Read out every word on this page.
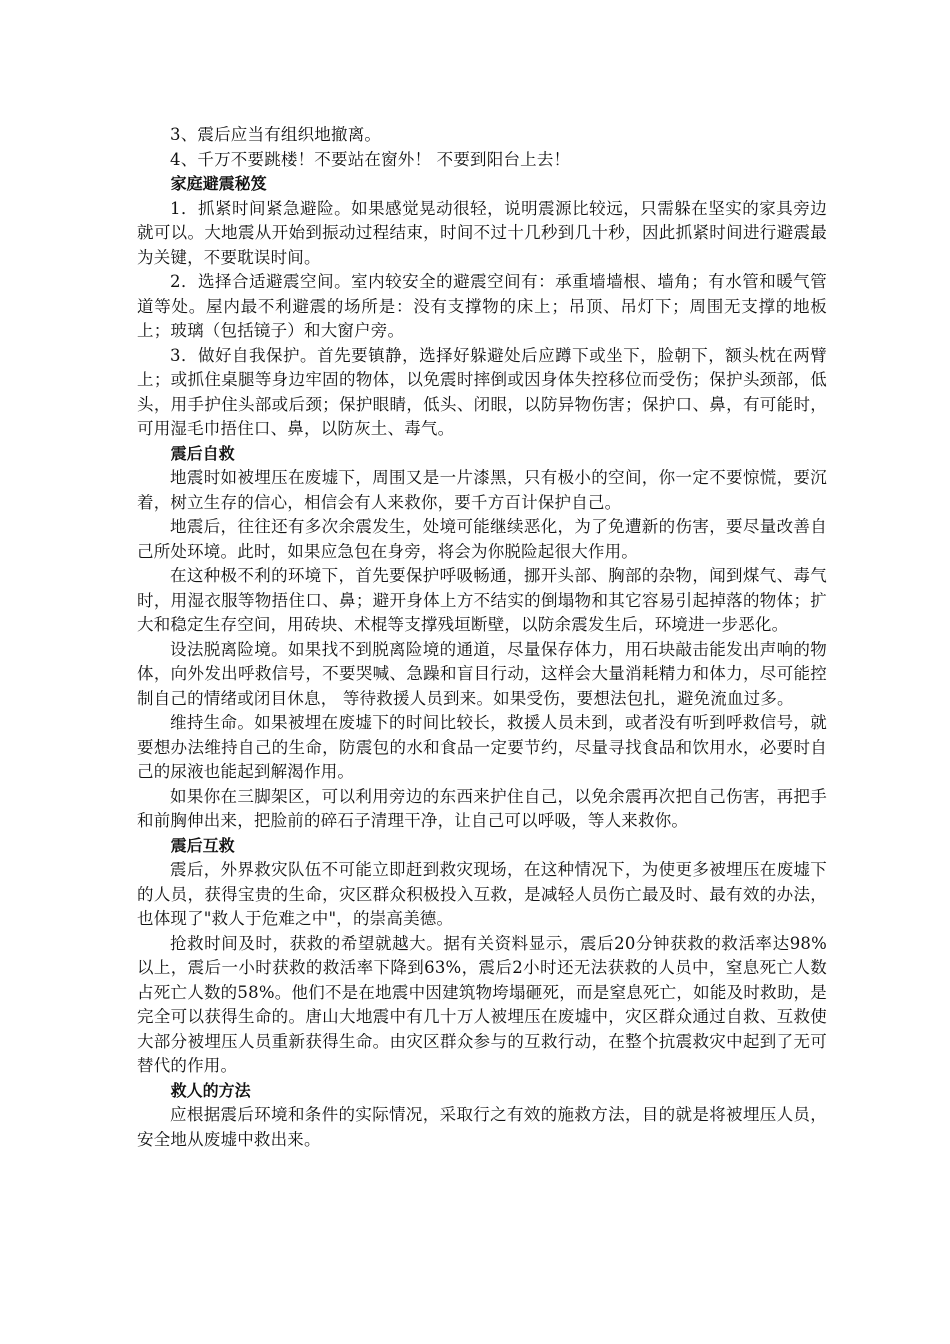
3、震后应当有组织地撤离。

4、千万不要跳楼！不要站在窗外！ 不要到阳台上去！

家庭避震秘笈

1．抓紧时间紧急避险。如果感觉晃动很轻，说明震源比较远，只需躲在坚实的家具旁边就可以。大地震从开始到振动过程结束，时间不过十几秒到几十秒，因此抓紧时间进行避震最为关键，不要耽误时间。

2．选择合适避震空间。室内较安全的避震空间有：承重墙墙根、墙角；有水管和暖气管道等处。屋内最不利避震的场所是：没有支撑物的床上；吊顶、吊灯下；周围无支撑的地板上；玻璃（包括镜子）和大窗户旁。

3．做好自我保护。首先要镇静，选择好躲避处后应蹲下或坐下，脸朝下，额头枕在两臂上；或抓住桌腿等身边牢固的物体，以免震时摔倒或因身体失控移位而受伤；保护头颈部，低头，用手护住头部或后颈；保护眼睛，低头、闭眼，以防异物伤害；保护口、鼻，有可能时，可用湿毛巾捂住口、鼻，以防灰土、毒气。

震后自救

地震时如被埋压在废墟下，周围又是一片漆黑，只有极小的空间，你一定不要惊慌，要沉着，树立生存的信心，相信会有人来救你，要千方百计保护自己。

地震后，往往还有多次余震发生，处境可能继续恶化，为了免遭新的伤害，要尽量改善自己所处环境。此时，如果应急包在身旁，将会为你脱险起很大作用。

在这种极不利的环境下，首先要保护呼吸畅通，挪开头部、胸部的杂物，闻到煤气、毒气时，用湿衣服等物捂住口、鼻；避开身体上方不结实的倒塌物和其它容易引起掉落的物体；扩大和稳定生存空间，用砖块、术棍等支撑残垣断壁，以防余震发生后，环境进一步恶化。

设法脱离险境。如果找不到脱离险境的通道，尽量保存体力，用石块敲击能发出声响的物体，向外发出呼救信号，不要哭喊、急躁和盲目行动，这样会大量消耗精力和体力，尽可能控制自己的情绪或闭目休息， 等待救援人员到来。如果受伤，要想法包扎，避免流血过多。

维持生命。如果被埋在废墟下的时间比较长，救援人员未到，或者没有听到呼救信号，就要想办法维持自己的生命，防震包的水和食品一定要节约，尽量寻找食品和饮用水，必要时自己的尿液也能起到解渴作用。

如果你在三脚架区，可以利用旁边的东西来护住自己，以免余震再次把自己伤害，再把手和前胸伸出来，把脸前的碎石子清理干净，让自己可以呼吸，等人来救你。

震后互救

震后，外界救灾队伍不可能立即赶到救灾现场，在这种情况下，为使更多被埋压在废墟下的人员，获得宝贵的生命，灾区群众积极投入互救，是减轻人员伤亡最及时、最有效的办法，也体现了"救人于危难之中"，的崇高美德。

抢救时间及时，获救的希望就越大。据有关资料显示，震后20分钟获救的救活率达98%以上，震后一小时获救的救活率下降到63%，震后2小时还无法获救的人员中，窒息死亡人数占死亡人数的58%。他们不是在地震中因建筑物垮塌砸死，而是窒息死亡，如能及时救助，是完全可以获得生命的。唐山大地震中有几十万人被埋压在废墟中，灾区群众通过自救、互救使大部分被埋压人员重新获得生命。由灾区群众参与的互救行动，在整个抗震救灾中起到了无可替代的作用。

救人的方法

应根据震后环境和条件的实际情况，采取行之有效的施救方法，目的就是将被埋压人员，安全地从废墟中救出来。
